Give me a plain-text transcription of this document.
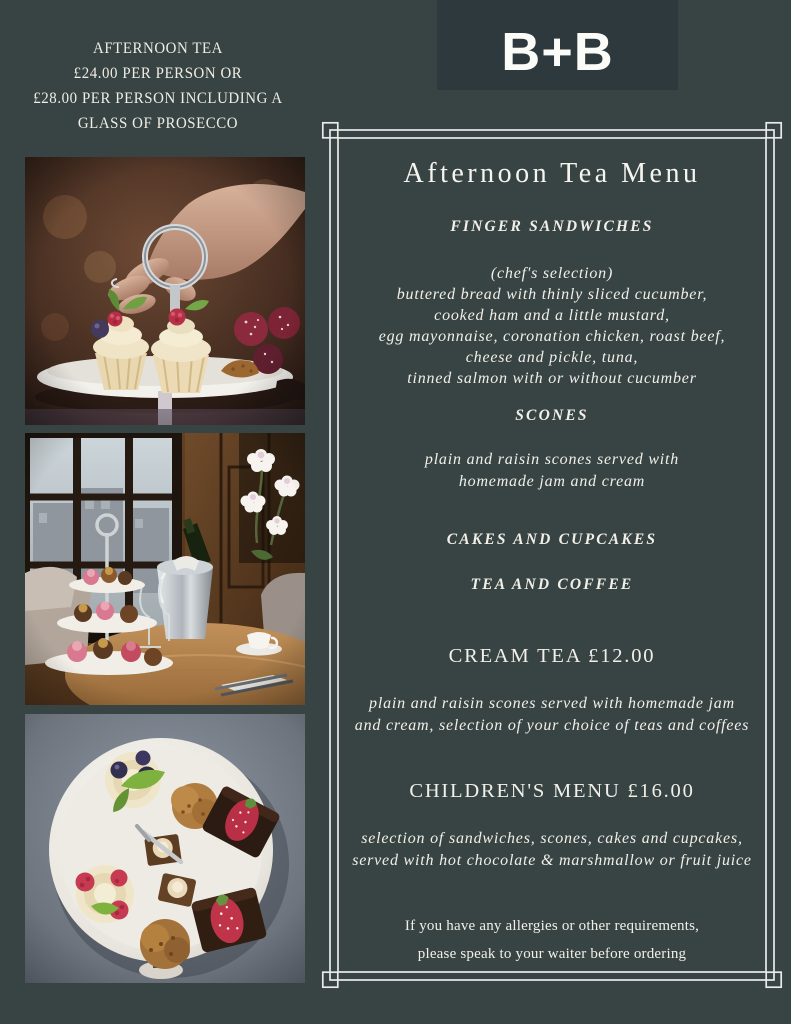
AFTERNOON TEA
£24.00 PER PERSON OR
£28.00 PER PERSON INCLUDING A
GLASS OF PROSECCO
B+B
Afternoon Tea Menu
FINGER SANDWICHES
(chef's selection)
buttered bread with thinly sliced cucumber,
cooked ham and a little mustard,
egg mayonnaise, coronation chicken, roast beef,
cheese and pickle, tuna,
tinned salmon with or without cucumber
SCONES
plain and raisin scones served with
homemade jam and cream
CAKES AND CUPCAKES
TEA AND COFFEE
CREAM TEA £12.00
plain and raisin scones served with homemade jam
and cream, selection of your choice of teas and coffees
CHILDREN'S MENU £16.00
selection of sandwiches, scones, cakes and cupcakes,
served with hot chocolate & marshmallow or fruit juice
If you have any allergies or other requirements,
please speak to your waiter before ordering
